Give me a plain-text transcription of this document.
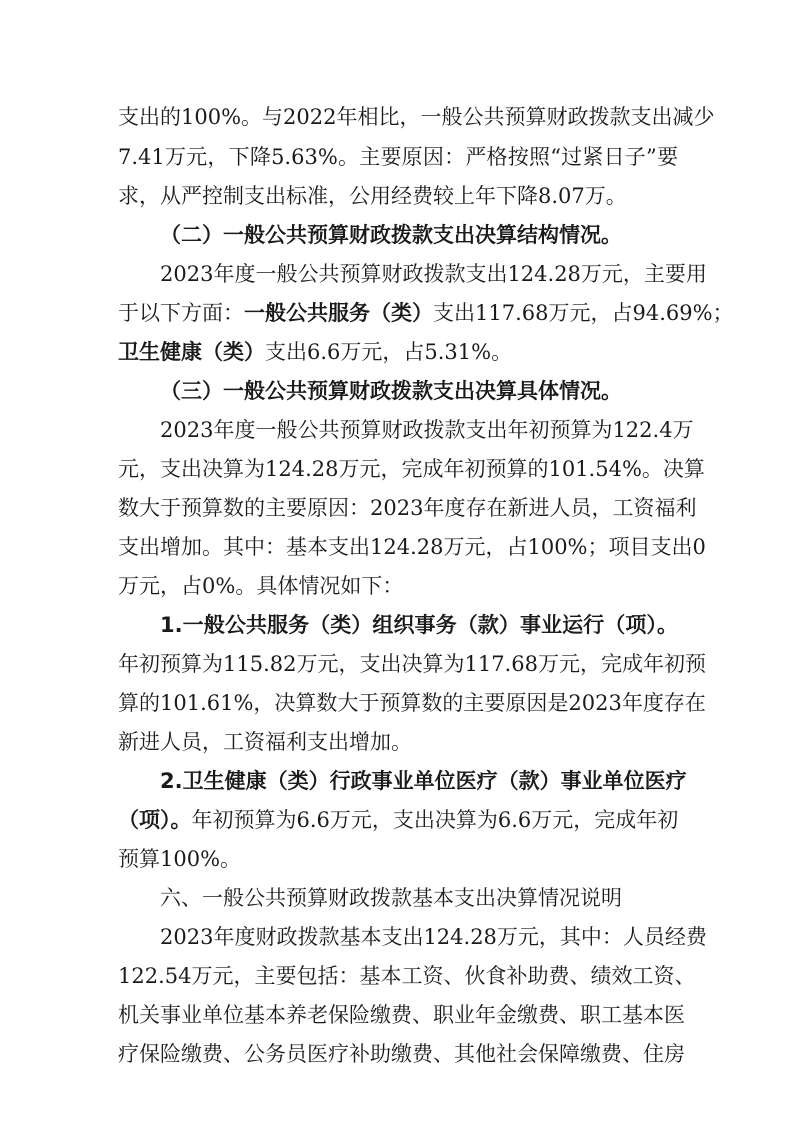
支出的100%。与2022年相比，一般公共预算财政拨款支出减少
7.41万元，下降5.63%。主要原因：严格按照“过紧日子”要
求，从严控制支出标准，公用经费较上年下降8.07万。
（二）一般公共预算财政拨款支出决算结构情况。
2023年度一般公共预算财政拨款支出124.28万元，主要用
于以下方面：一般公共服务（类）支出117.68万元，占94.69%；
卫生健康（类）支出6.6万元，占5.31%。
（三）一般公共预算财政拨款支出决算具体情况。
2023年度一般公共预算财政拨款支出年初预算为122.4万
元，支出决算为124.28万元，完成年初预算的101.54%。决算
数大于预算数的主要原因：2023年度存在新进人员，工资福利
支出增加。其中：基本支出124.28万元，占100%；项目支出0
万元，占0%。具体情况如下：
1.一般公共服务（类）组织事务（款）事业运行（项）。
年初预算为115.82万元，支出决算为117.68万元，完成年初预
算的101.61%，决算数大于预算数的主要原因是2023年度存在
新进人员，工资福利支出增加。
2.卫生健康（类）行政事业单位医疗（款）事业单位医疗
（项）。年初预算为6.6万元，支出决算为6.6万元，完成年初
预算100%。
六、一般公共预算财政拨款基本支出决算情况说明
2023年度财政拨款基本支出124.28万元，其中：人员经费
122.54万元，主要包括：基本工资、伙食补助费、绩效工资、
机关事业单位基本养老保险缴费、职业年金缴费、职工基本医
疗保险缴费、公务员医疗补助缴费、其他社会保障缴费、住房
